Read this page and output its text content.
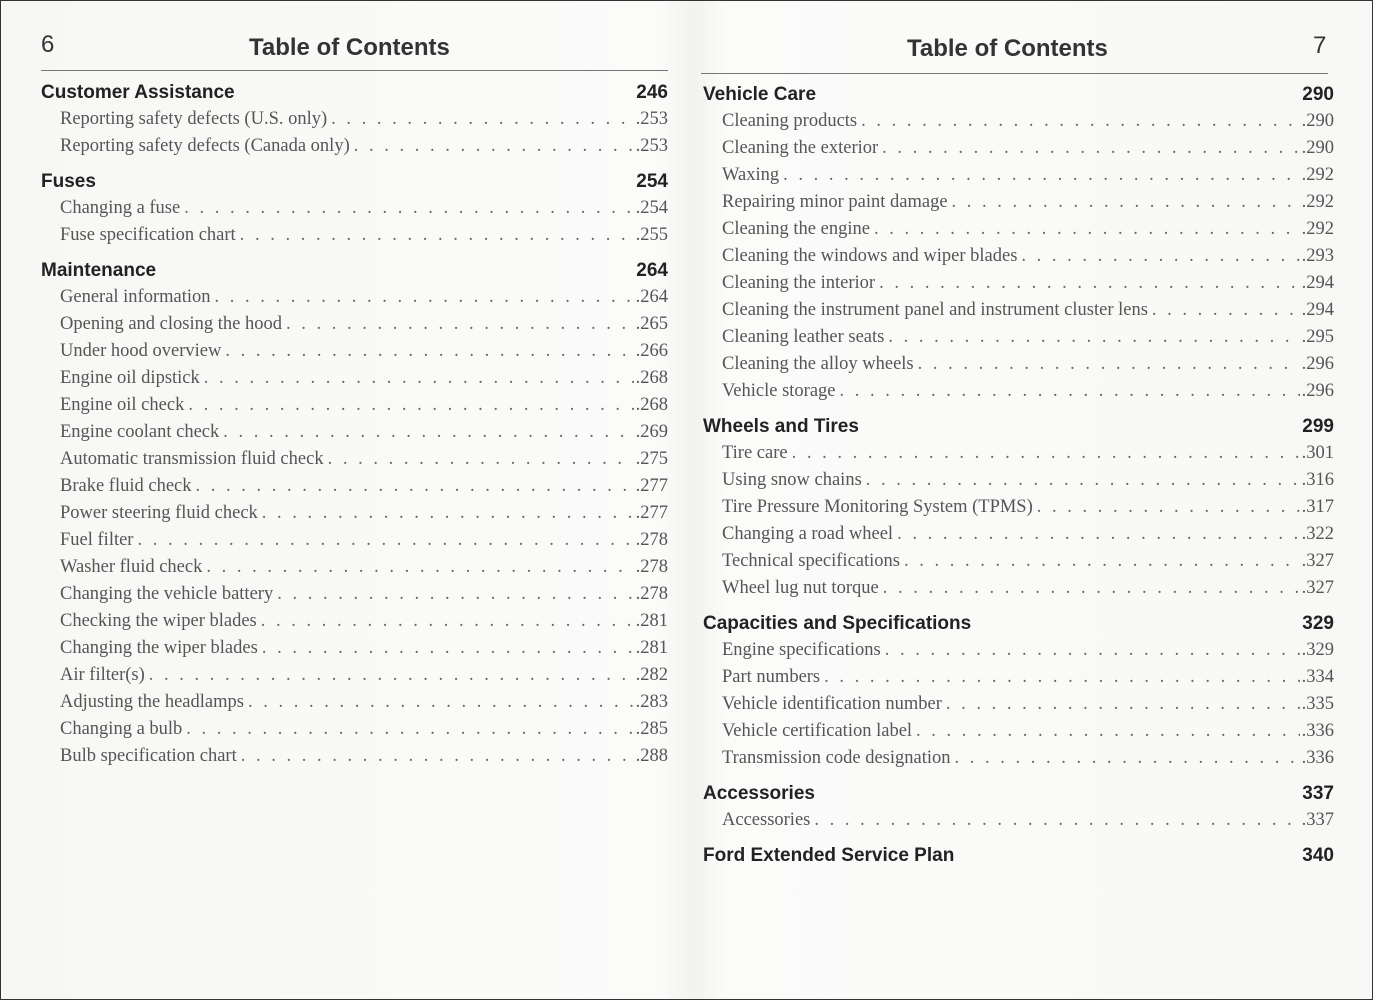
6	Table of Contents
Customer Assistance	246
Reporting safety defects (U.S. only) . . .	.253
Reporting safety defects (Canada only) . . .	.253
Fuses	254
Changing a fuse . . .	.254
Fuse specification chart . . .	.255
Maintenance	264
General information . . .	.264
Opening and closing the hood . . .	.265
Under hood overview . . .	.266
Engine oil dipstick . . .	.268
Engine oil check . . .	.268
Engine coolant check . . .	.269
Automatic transmission fluid check . . .	.275
Brake fluid check . . .	.277
Power steering fluid check . . .	.277
Fuel filter . . .	.278
Washer fluid check . . .	.278
Changing the vehicle battery . . .	.278
Checking the wiper blades . . .	.281
Changing the wiper blades . . .	.281
Air filter(s) . . .	.282
Adjusting the headlamps . . .	.283
Changing a bulb . . .	.285
Bulb specification chart . . .	.288
Table of Contents	7
Vehicle Care	290
Cleaning products . . .	.290
Cleaning the exterior . . .	.290
Waxing . . .	.292
Repairing minor paint damage . . .	.292
Cleaning the engine . . .	.292
Cleaning the windows and wiper blades . . .	.293
Cleaning the interior . . .	.294
Cleaning the instrument panel and instrument cluster lens . . .	.294
Cleaning leather seats . . .	.295
Cleaning the alloy wheels . . .	.296
Vehicle storage . . .	.296
Wheels and Tires	299
Tire care . . .	.301
Using snow chains . . .	.316
Tire Pressure Monitoring System (TPMS) . . .	.317
Changing a road wheel . . .	.322
Technical specifications . . .	.327
Wheel lug nut torque . . .	.327
Capacities and Specifications	329
Engine specifications . . .	.329
Part numbers . . .	.334
Vehicle identification number . . .	.335
Vehicle certification label . . .	.336
Transmission code designation . . .	.336
Accessories	337
Accessories . . .	.337
Ford Extended Service Plan	340
